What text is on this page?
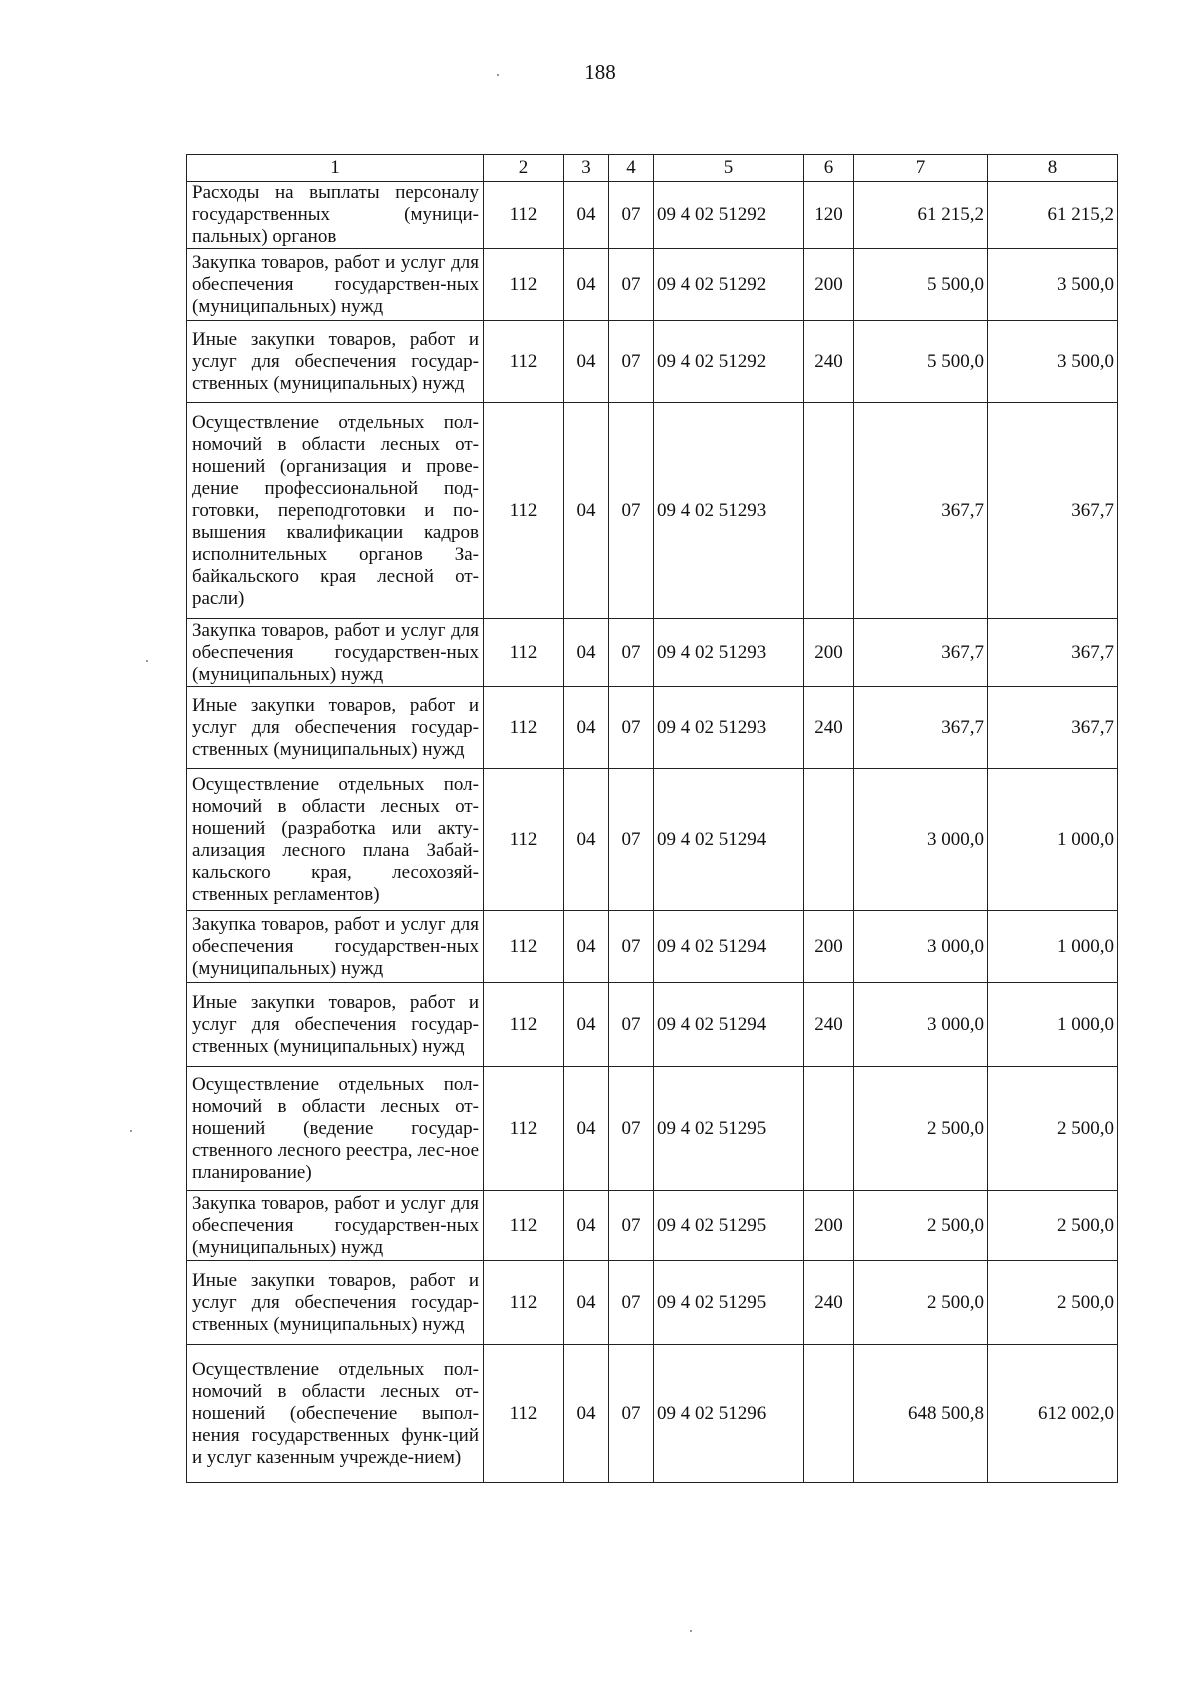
188
1	2	3	4	5	6	7	8
Расходы на выплаты персоналу государственных (муници-пальных) органов	112	04	07	09 4 02 51292	120	61 215,2	61 215,2
Закупка товаров, работ и услуг для обеспечения государствен-ных (муниципальных) нужд	112	04	07	09 4 02 51292	200	5 500,0	3 500,0
Иные закупки товаров, работ и услуг для обеспечения государ-ственных (муниципальных) нужд	112	04	07	09 4 02 51292	240	5 500,0	3 500,0
Осуществление отдельных пол-номочий в области лесных от-ношений (организация и прове-дение профессиональной под-готовки, переподготовки и по-вышения квалификации кадров исполнительных органов За-байкальского края лесной от-расли)	112	04	07	09 4 02 51293		367,7	367,7
Закупка товаров, работ и услуг для обеспечения государствен-ных (муниципальных) нужд	112	04	07	09 4 02 51293	200	367,7	367,7
Иные закупки товаров, работ и услуг для обеспечения государ-ственных (муниципальных) нужд	112	04	07	09 4 02 51293	240	367,7	367,7
Осуществление отдельных пол-номочий в области лесных от-ношений (разработка или акту-ализация лесного плана Забай-кальского края, лесохозяй-ственных регламентов)	112	04	07	09 4 02 51294		3 000,0	1 000,0
Закупка товаров, работ и услуг для обеспечения государствен-ных (муниципальных) нужд	112	04	07	09 4 02 51294	200	3 000,0	1 000,0
Иные закупки товаров, работ и услуг для обеспечения государ-ственных (муниципальных) нужд	112	04	07	09 4 02 51294	240	3 000,0	1 000,0
Осуществление отдельных пол-номочий в области лесных от-ношений (ведение государ-ственного лесного реестра, лес-ное планирование)	112	04	07	09 4 02 51295		2 500,0	2 500,0
Закупка товаров, работ и услуг для обеспечения государствен-ных (муниципальных) нужд	112	04	07	09 4 02 51295	200	2 500,0	2 500,0
Иные закупки товаров, работ и услуг для обеспечения государ-ственных (муниципальных) нужд	112	04	07	09 4 02 51295	240	2 500,0	2 500,0
Осуществление отдельных пол-номочий в области лесных от-ношений (обеспечение выпол-нения государственных функ-ций и услуг казенным учрежде-нием)	112	04	07	09 4 02 51296		648 500,8	612 002,0
